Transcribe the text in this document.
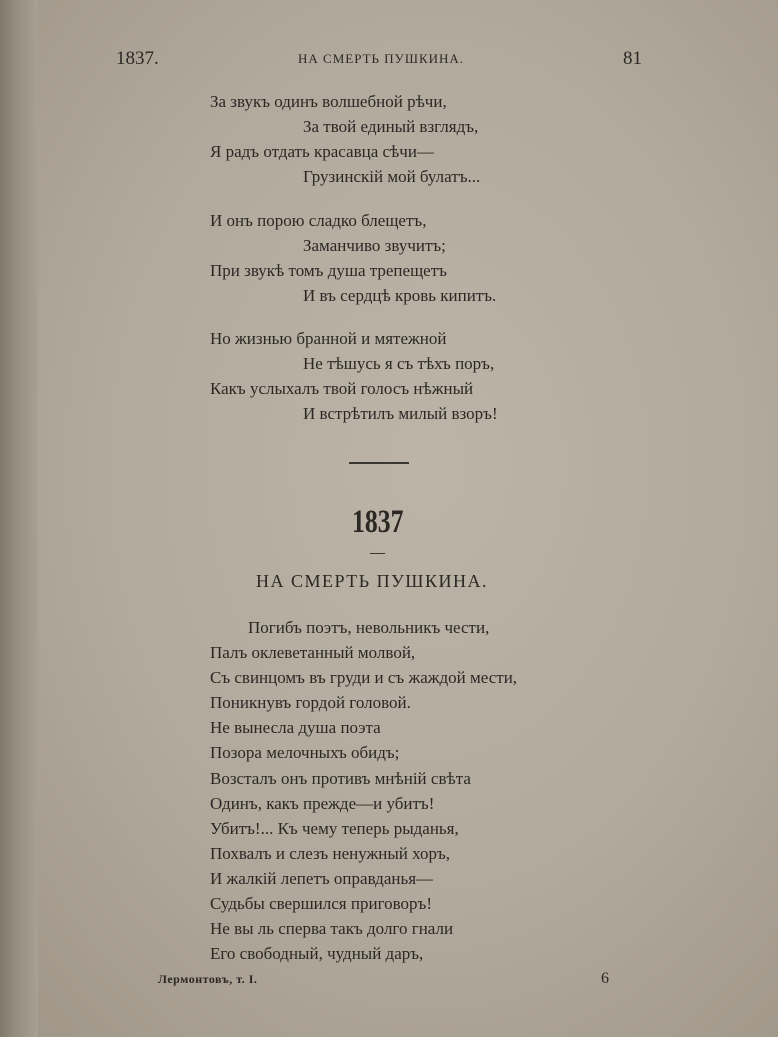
1837.	НА СМЕРТЬ ПУШКИНА.	81
За звукъ одинъ волшебной рѣчи,
За твой единый взглядъ,
Я радъ отдать красавца сѣчи—
Грузинскій мой булатъ...
И онъ порою сладко блещетъ,
Заманчиво звучитъ;
При звукѣ томъ душа трепещетъ
И въ сердцѣ кровь кипитъ.
Но жизнью бранной и мятежной
Не тѣшусь я съ тѣхъ поръ,
Какъ услыхалъ твой голосъ нѣжный
И встрѣтилъ милый взоръ!
1837
НА СМЕРТЬ ПУШКИНА.
Погибъ поэтъ, невольникъ чести,
Палъ оклеветанный молвой,
Съ свинцомъ въ груди и съ жаждой мести,
Поникнувъ гордой головой.
Не вынесла душа поэта
Позора мелочныхъ обидъ;
Возсталъ онъ противъ мнѣній свѣта
Одинъ, какъ прежде—и убитъ!
Убитъ!... Къ чему теперь рыданья,
Похвалъ и слезъ ненужный хоръ,
И жалкій лепетъ оправданья—
Судьбы свершился приговоръ!
Не вы ль сперва такъ долго гнали
Его свободный, чудный даръ,
Лермонтовъ, т. I.	6
